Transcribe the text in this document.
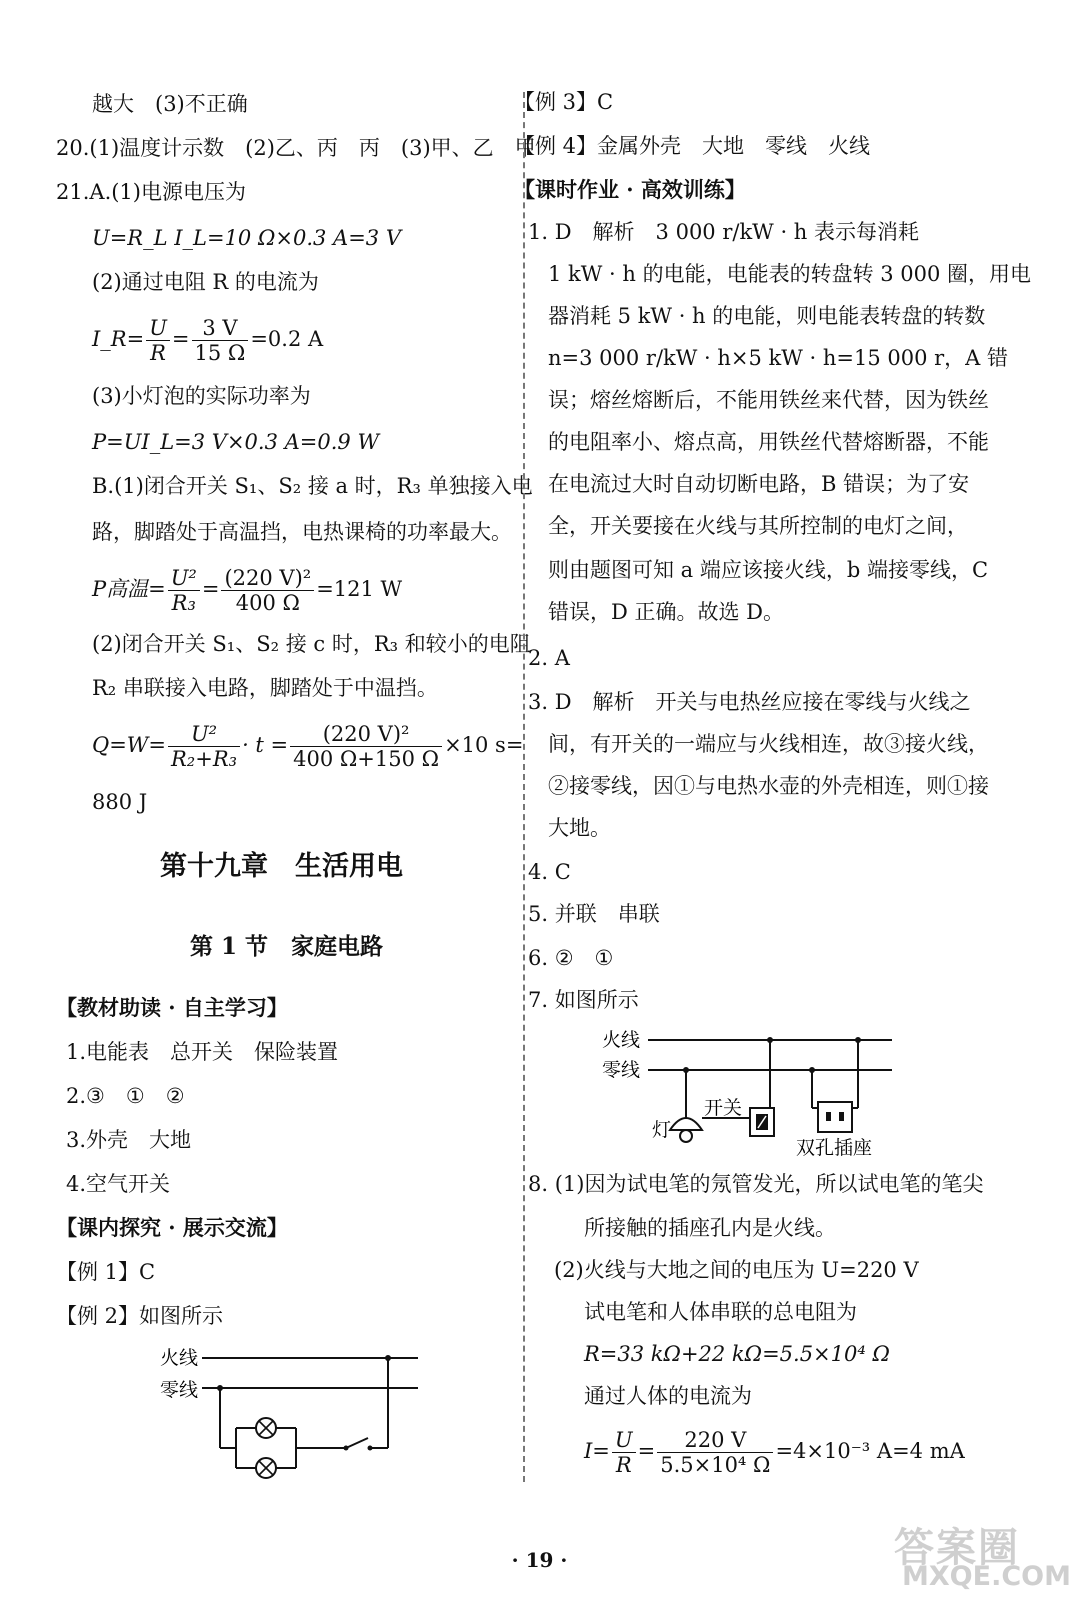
越大　(3)不正确
20.(1)温度计示数　(2)乙、丙　丙　(3)甲、乙　甲
21.A.(1)电源电压为
U=R_L I_L=10 Ω×0.3 A=3 V
(2)通过电阻 R 的电流为
I_R= $\frac{U}{R} = \frac{3 V}{15 \Omega} =0.2$ A
(3)小灯泡的实际功率为
P=UI_L=3 V×0.3 A=0.9 W
B.(1)闭合开关 S₁、S₂ 接 a 时，R₃ 单独接入电
路，脚踏处于高温挡，电热课椅的功率最大。
P高温= $\frac{\text{U²}}{\text{R₃}} = \frac{\text{(220 V)²}}{400 \Omega} =121$ W
(2)闭合开关 S₁、S₂ 接 c 时，R₃ 和较小的电阻
R₂ 串联接入电路，脚踏处于中温挡。
$Q=W= \frac{\text{U²}}{\text{R₂+R₃}} \cdot t = \frac{\text{(220 V)²}}{400 \Omega+150 \Omega} \times 10$ s=
880 J
第十九章　生活用电
第 1 节　家庭电路
【教材助读 · 自主学习】
1.电能表　总开关　保险装置
2.③　①　②
3.外壳　大地
4.空气开关
【课内探究 · 展示交流】
【例 1】C
【例 2】如图所示
火线
零线
【例 3】C
【例 4】金属外壳　大地　零线　火线
【课时作业 · 高效训练】
1. D　解析　3 000 r/kW · h 表示每消耗
1 kW · h 的电能，电能表的转盘转 3 000 圈，用电
器消耗 5 kW · h 的电能，则电能表转盘的转数
n=3 000 r/kW · h×5 kW · h=15 000 r，A 错
误；熔丝熔断后，不能用铁丝来代替，因为铁丝
的电阻率小、熔点高，用铁丝代替熔断器，不能
在电流过大时自动切断电路，B 错误；为了安
全，开关要接在火线与其所控制的电灯之间，
则由题图可知 a 端应该接火线，b 端接零线，C
错误，D 正确。故选 D。
2. A
3. D　解析　开关与电热丝应接在零线与火线之
间，有开关的一端应与火线相连，故③接火线，
②接零线，因①与电热水壶的外壳相连，则①接
大地。
4. C
5. 并联　串联
6. ②　①
7. 如图所示
火线
零线
灯
开关
双孔插座
8. (1)因为试电笔的氖管发光，所以试电笔的笔尖
所接触的插座孔内是火线。
(2)火线与大地之间的电压为 U=220 V
试电笔和人体串联的总电阻为
R=33 kΩ+22 kΩ=5.5×10⁴ Ω
通过人体的电流为
$I= \frac{U}{R} = \frac{220 V}{\text{5.5×10⁴ Ω}} =4\times 10^{-3}$ A=4 mA
· 19 ·	答案圈
MXQE.COM
